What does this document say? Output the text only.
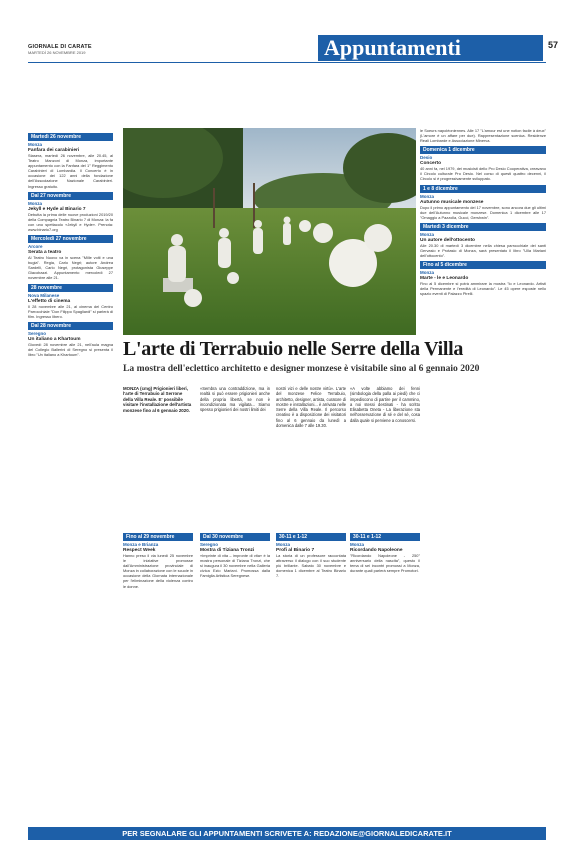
GIORNALE DI CARATE
MARTEDÌ 26 NOVEMBRE 2019	Appuntamenti	57
Martedì 26 novembre
Monza
Fanfara dei carabinieri
Stasera, martedì 26 novembre, alle 20.45, al Teatro Manzoni di Monza, importante appuntamento con la Fanfara del 1° Reggimento Carabinieri di Lombardia. Il Concerto è in occasione dei 122 anni della fondazione dell'Associazione Nazionale Carabinieri. Ingresso gratuito.
Dal 27 novembre
Monza
Jekyll e Hyde al Binario 7
Debutta la prima delle nuove produzioni 2019/20 della Compagnia Teatro Binario 7 di Monza: la fa con uno spettacolo «Jekyll e Hyde». Prenota: www.binario7.org
Mercoledì 27 novembre
Arcore
Serata a teatro
Al Teatro Nuovo va in scena "Mille volti e una bugia". Regia, Carlo Negri; autore Andrea Sardelli, Carlo Negri, protagonista Giuseppe Giacobazzi. Appuntamento mercoledì 27 novembre alle 21.
28 novembre
Nova Milanese
L'effetto di cinema
Il 28 novembre alle 21, al cinema del Centro Parrocchiale "Don Filippo Spagliardi" si parlerà di film. Ingresso libero.
Dal 28 novembre
Seregno
Un italiano a Khartoum
Giovedì 28 novembre alle 21, nell'aula magna del Collegio Ballerini di Seregno si presenta il libro "Un italiano a Khartoum".	L'arte di Terrabuio nelle Serre della Villa
La mostra dell'eclettico architetto e designer monzese è visitabile sino al 6 gennaio 2020
MONZA (cmg) Prigionieri liberi, l'arte di Terrabuio al Serrone della Villa Reale. E' possibile visitare l'installazione dell'artista monzese fino al 6 gennaio 2020.
«Sembra una contraddizione, ma in realtà si può essere prigionieri anche della propria libertà, se non è incondizionata ma vigilata... Siamo spesso prigionieri dei nostri limiti dei
nostri vizi e delle nostre virtù». L'arte del monzese Felice Terrabuio, architetto, designer, artista, curatore di mostre e installazioni... è arrivata nelle Serre della Villa Reale. Il percorso creativo è a disposizione dei visitatori fino al 6 gennaio da lunedì a domenica dalle 7 alle 19.30.
«A volte abbiamo dei fenni (simbologia della palla ai piedi) che ci impediscono di partire per il cammino, a noi stessi destinati - ha scritto Elisabetta Oneta - La liberazione sta nell'osservazione di sé e del sé, cosa dalla quale si perviene a conoscersi.
Fino al 29 novembre
Monza e Brianza
Respect Week
Hanno preso il via lunedì 25 novembre le iniziative promosse dall'Amministrazione provinciale di Monza in collaborazione con le scuole in occasione della Giornata internazionale per l'eliminazione della violenza contro le donne.
Dal 30 novembre
Seregno
Mostra di Tiziana Tronzi
«Imprinte di vita – impronte di vita» è la mostra personale di Tiziana Tronzi, che si inaugura il 30 novembre nella Galleria civica Ezio Mariani. Promossa dalla Famiglia Artistica Seregnese.
30-11 e 1-12
Monza
Profi al Binario 7
La storia di un professore raccontata attraverso il dialogo con il suo studente più brillante. Sabato 30 novembre e domenica 1 dicembre al Teatro Binario 7.
30-11 e 1-12
Monza
Ricordando Napoleone
"Ricordando Napoleone - 250° anniversario della nascita", questo il tema di sei incontri promossi a Monza, durante quali parlerà sempre Promotori.
le Soeurs napoléoniennes. Alle 17 "L'amour est une notion facile à deux" (L'amore è un affare per due). Rappresentazione scenica. Residenze Reali Lombarde e Associazione Minerva.
Domenica 1 dicembre
Desio
Concerto
40 anni fa, nel 1979, dei musicisti dello Pro Desio Cooperativa, creavano il Circolo culturale Pro Desio. Nel corso di questi quattro decenni, il Circolo si è progressivamente sviluppato.
1 e 8 dicembre
Monza
Autunno musicale monzese
Dopo il primo appuntamento del 17 novembre, sono ancora due gli ultimi due dell'Autunno musicale monzese. Domenica 1 dicembre alle 17 "Omaggio a Pazzolla, Gucci, Gershwin".
Martedì 3 dicembre
Monza
Un autore dell'ottocento
Alle 20.30 di martedì 3 dicembre nella chiesa parrocchiale dei santi Gervasio e Protasio di Monza, sarà presentato il libro "Ulla Mariani dell'ottocento".
Fino al 5 dicembre
Monza
Marte - le e Leonardo
Fino al 5 dicembre si potrà ammirare la mostra "Io e Leonardo. Artisti della Permanente e l'eredità di Leonardo". Le 45 opere esposte nello spazio eventi di Palazzo Pirelli.
PER SEGNALARE GLI APPUNTAMENTI SCRIVETE A: REDAZIONE@GIORNALEDICARATE.IT
